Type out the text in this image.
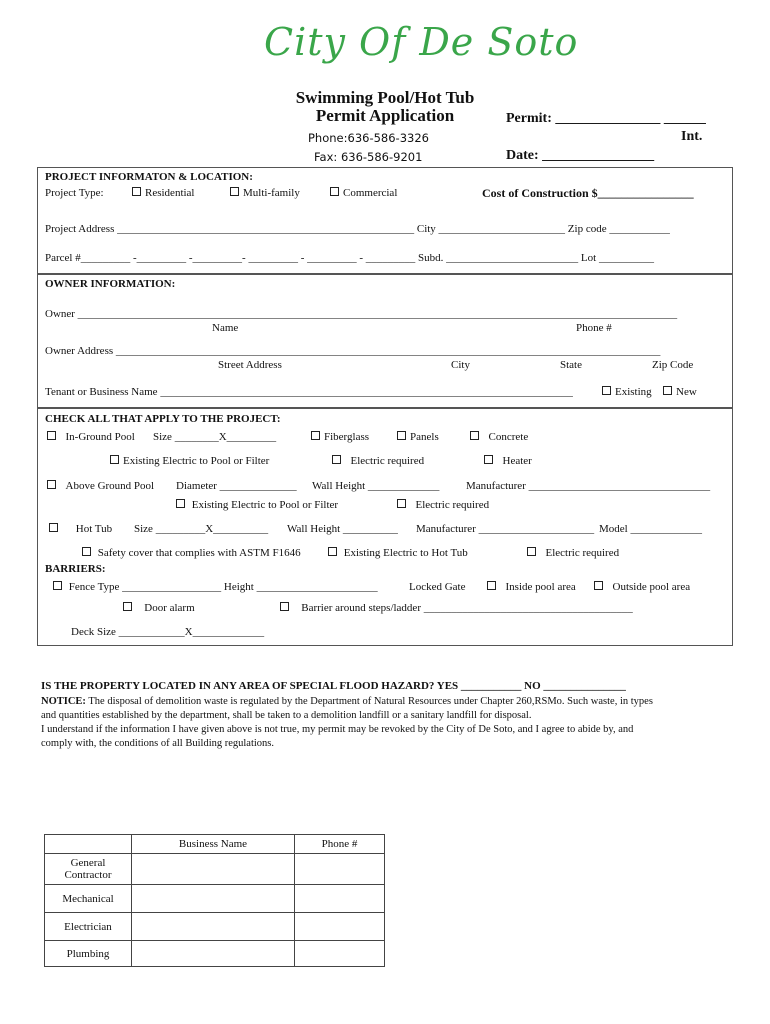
City Of De Soto
Swimming Pool/Hot Tub
Permit Application
Phone:636-586-3326
Fax: 636-586-9201
Permit: _______________ ______
Int.
Date: ________________
PROJECT INFORMATON & LOCATION:
Project Type:	Residential	Multi-family	Commercial	Cost of Construction $________________
Project Address ______________________________________________________ City _______________________ Zip code ___________
Parcel #_________ -_________ -_________- _________ - _________ - _________ Subd. ________________________ Lot __________
OWNER INFORMATION:
Owner _____________________________________________________________________________________________________________
Name	Phone #
Owner Address ___________________________________________________________________________________________________
Street Address	City	State	Zip Code
Tenant or Business Name ___________________________________________________________________________	Existing	New
CHECK ALL THAT APPLY TO THE PROJECT:
In-Ground Pool Size ________X_________	Fiberglass	Panels	Concrete
Existing Electric to Pool or Filter	Electric required	Heater
Above Ground Pool Diameter ______________ Wall Height _____________ Manufacturer _________________________________
Existing Electric to Pool or Filter	Electric required
Hot Tub Size _________X__________ Wall Height __________ Manufacturer _____________________ Model _____________
Safety cover that complies with ASTM F1646	Existing Electric to Hot Tub	Electric required
BARRIERS:
Fence Type __________________ Height ______________________	Locked Gate	Inside pool area	Outside pool area
Door alarm	Barrier around steps/ladder ______________________________________
Deck Size ____________X_____________
IS THE PROPERTY LOCATED IN ANY AREA OF SPECIAL FLOOD HAZARD? YES ___________ NO _______________
NOTICE: The disposal of demolition waste is regulated by the Department of Natural Resources under Chapter 260,RSMo. Such waste, in types
and quantities established by the department, shall be taken to a demolition landfill or a sanitary landfill for disposal.
I understand if the information I have given above is not true, my permit may be revoked by the City of De Soto, and I agree to abide by, and
comply with, the conditions of all Building regulations.
	Business Name	Phone #
General Contractor		
Mechanical		
Electrician		
Plumbing		
